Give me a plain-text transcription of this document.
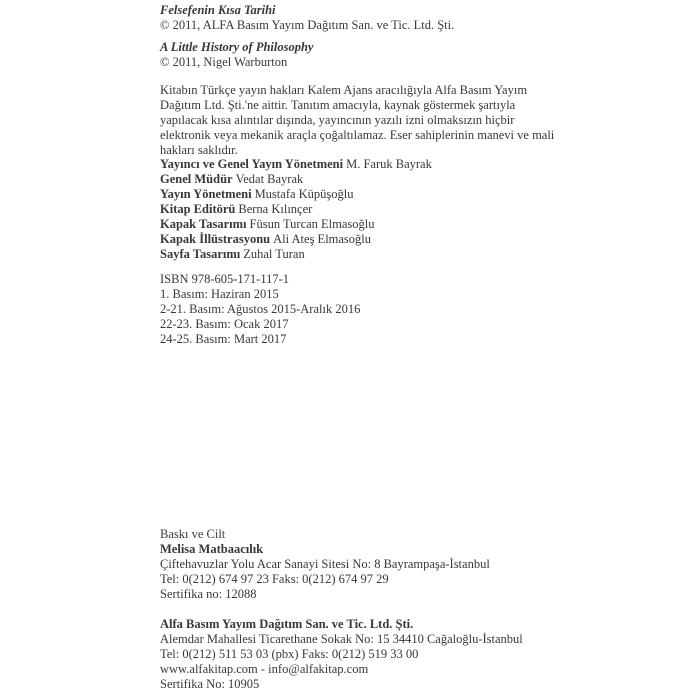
Felsefenin Kısa Tarihi
© 2011, ALFA Basım Yayım Dağıtım San. ve Tic. Ltd. Şti.
A Little History of Philosophy
© 2011, Nigel Warburton
Kitabın Türkçe yayın hakları Kalem Ajans aracılığıyla Alfa Basım Yayım Dağıtım Ltd. Şti.'ne aittir. Tanıtım amacıyla, kaynak göstermek şartıyla yapılacak kısa alıntılar dışında, yayıncının yazılı izni olmaksızın hiçbir elektronik veya mekanik araçla çoğaltılamaz. Eser sahiplerinin manevi ve mali hakları saklıdır.
Yayıncı ve Genel Yayın Yönetmeni M. Faruk Bayrak
Genel Müdür Vedat Bayrak
Yayın Yönetmeni Mustafa Küpüşoğlu
Kitap Editörü Berna Kılınçer
Kapak Tasarımı Füsun Turcan Elmasoğlu
Kapak İllüstrasyonu Ali Ateş Elmasoğlu
Sayfa Tasarımı Zuhal Turan
ISBN 978-605-171-117-1
1. Basım: Haziran 2015
2-21. Basım: Ağustos 2015-Aralık 2016
22-23. Basım: Ocak 2017
24-25. Basım: Mart 2017
Baskı ve Cilt
Melisa Matbaacılık
Çiftehavuzlar Yolu Acar Sanayi Sitesi No: 8 Bayrampaşa-İstanbul
Tel: 0(212) 674 97 23 Faks: 0(212) 674 97 29
Sertifika no: 12088
Alfa Basım Yayım Dağıtım San. ve Tic. Ltd. Şti.
Alemdar Mahallesi Ticarethane Sokak No: 15 34410 Cağaloğlu-İstanbul
Tel: 0(212) 511 53 03 (pbx) Faks: 0(212) 519 33 00
www.alfakitap.com - info@alfakitap.com
Sertifika No: 10905
